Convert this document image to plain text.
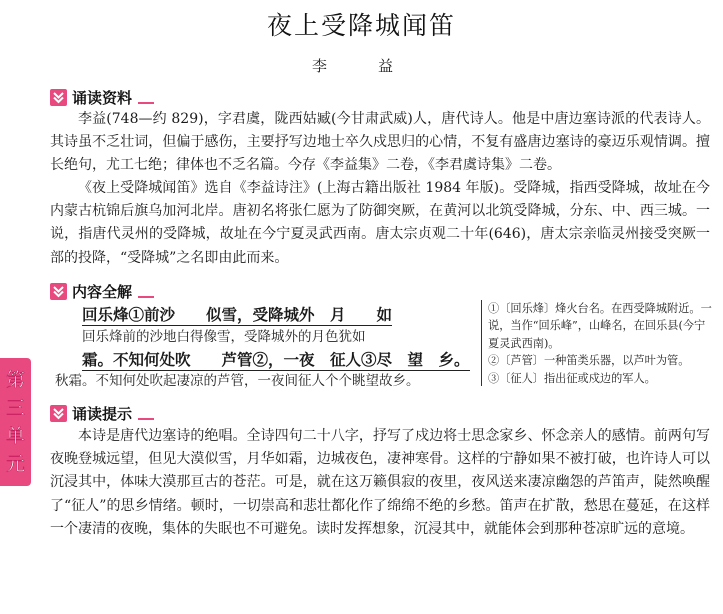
夜上受降城闻笛
李　益
诵读资料

李益(748—约 829)，字君虞，陇西姑臧(今甘肃武威)人，唐代诗人。他是中唐边塞诗派的代表诗人。其诗虽不乏壮词，但偏于感伤，主要抒写边地士卒久戍思归的心情，不复有盛唐边塞诗的豪迈乐观情调。擅长绝句，尤工七绝；律体也不乏名篇。今存《李益集》二卷，《李君虞诗集》二卷。

《夜上受降城闻笛》选自《李益诗注》(上海古籍出版社 1984 年版)。受降城，指西受降城，故址在今内蒙古杭锦后旗乌加河北岸。唐初名将张仁愿为了防御突厥，在黄河以北筑受降城，分东、中、西三城。一说，指唐代灵州的受降城，故址在今宁夏灵武西南。唐太宗贞观二十年(646)，唐太宗亲临灵州接受突厥一部的投降，“受降城”之名即由此而来。

内容全解
回乐烽①前沙　　似雪，受降城外　月　　如
回乐烽前的沙地白得像雪，受降城外的月色犹如
霜。不知何处吹　　芦管②，一夜　征人③尽　望　乡。
秋霜。不知何处吹起凄凉的芦管，一夜间征人个个眺望故乡。

①〔回乐烽〕烽火台名。在西受降城附近。一说，当作“回乐峰”，山峰名，在回乐县(今宁夏灵武西南)。

②〔芦管〕一种笛类乐器，以芦叶为管。

③〔征人〕指出征或戍边的军人。

诵读提示

本诗是唐代边塞诗的绝唱。全诗四句二十八字，抒写了戍边将士思念家乡、怀念亲人的感情。前两句写夜晚登城远望，但见大漠似雪，月华如霜，边城夜色，凄神寒骨。这样的宁静如果不被打破，也许诗人可以沉浸其中，体味大漠那亘古的苍茫。可是，就在这万籁俱寂的夜里，夜风送来凄凉幽怨的芦笛声，陡然唤醒了“征人”的思乡情绪。顿时，一切崇高和悲壮都化作了绵绵不绝的乡愁。笛声在扩散，愁思在蔓延，在这样一个凄清的夜晚，集体的失眠也不可避免。读时发挥想象，沉浸其中，就能体会到那种苍凉旷远的意境。

第
三
单
元
